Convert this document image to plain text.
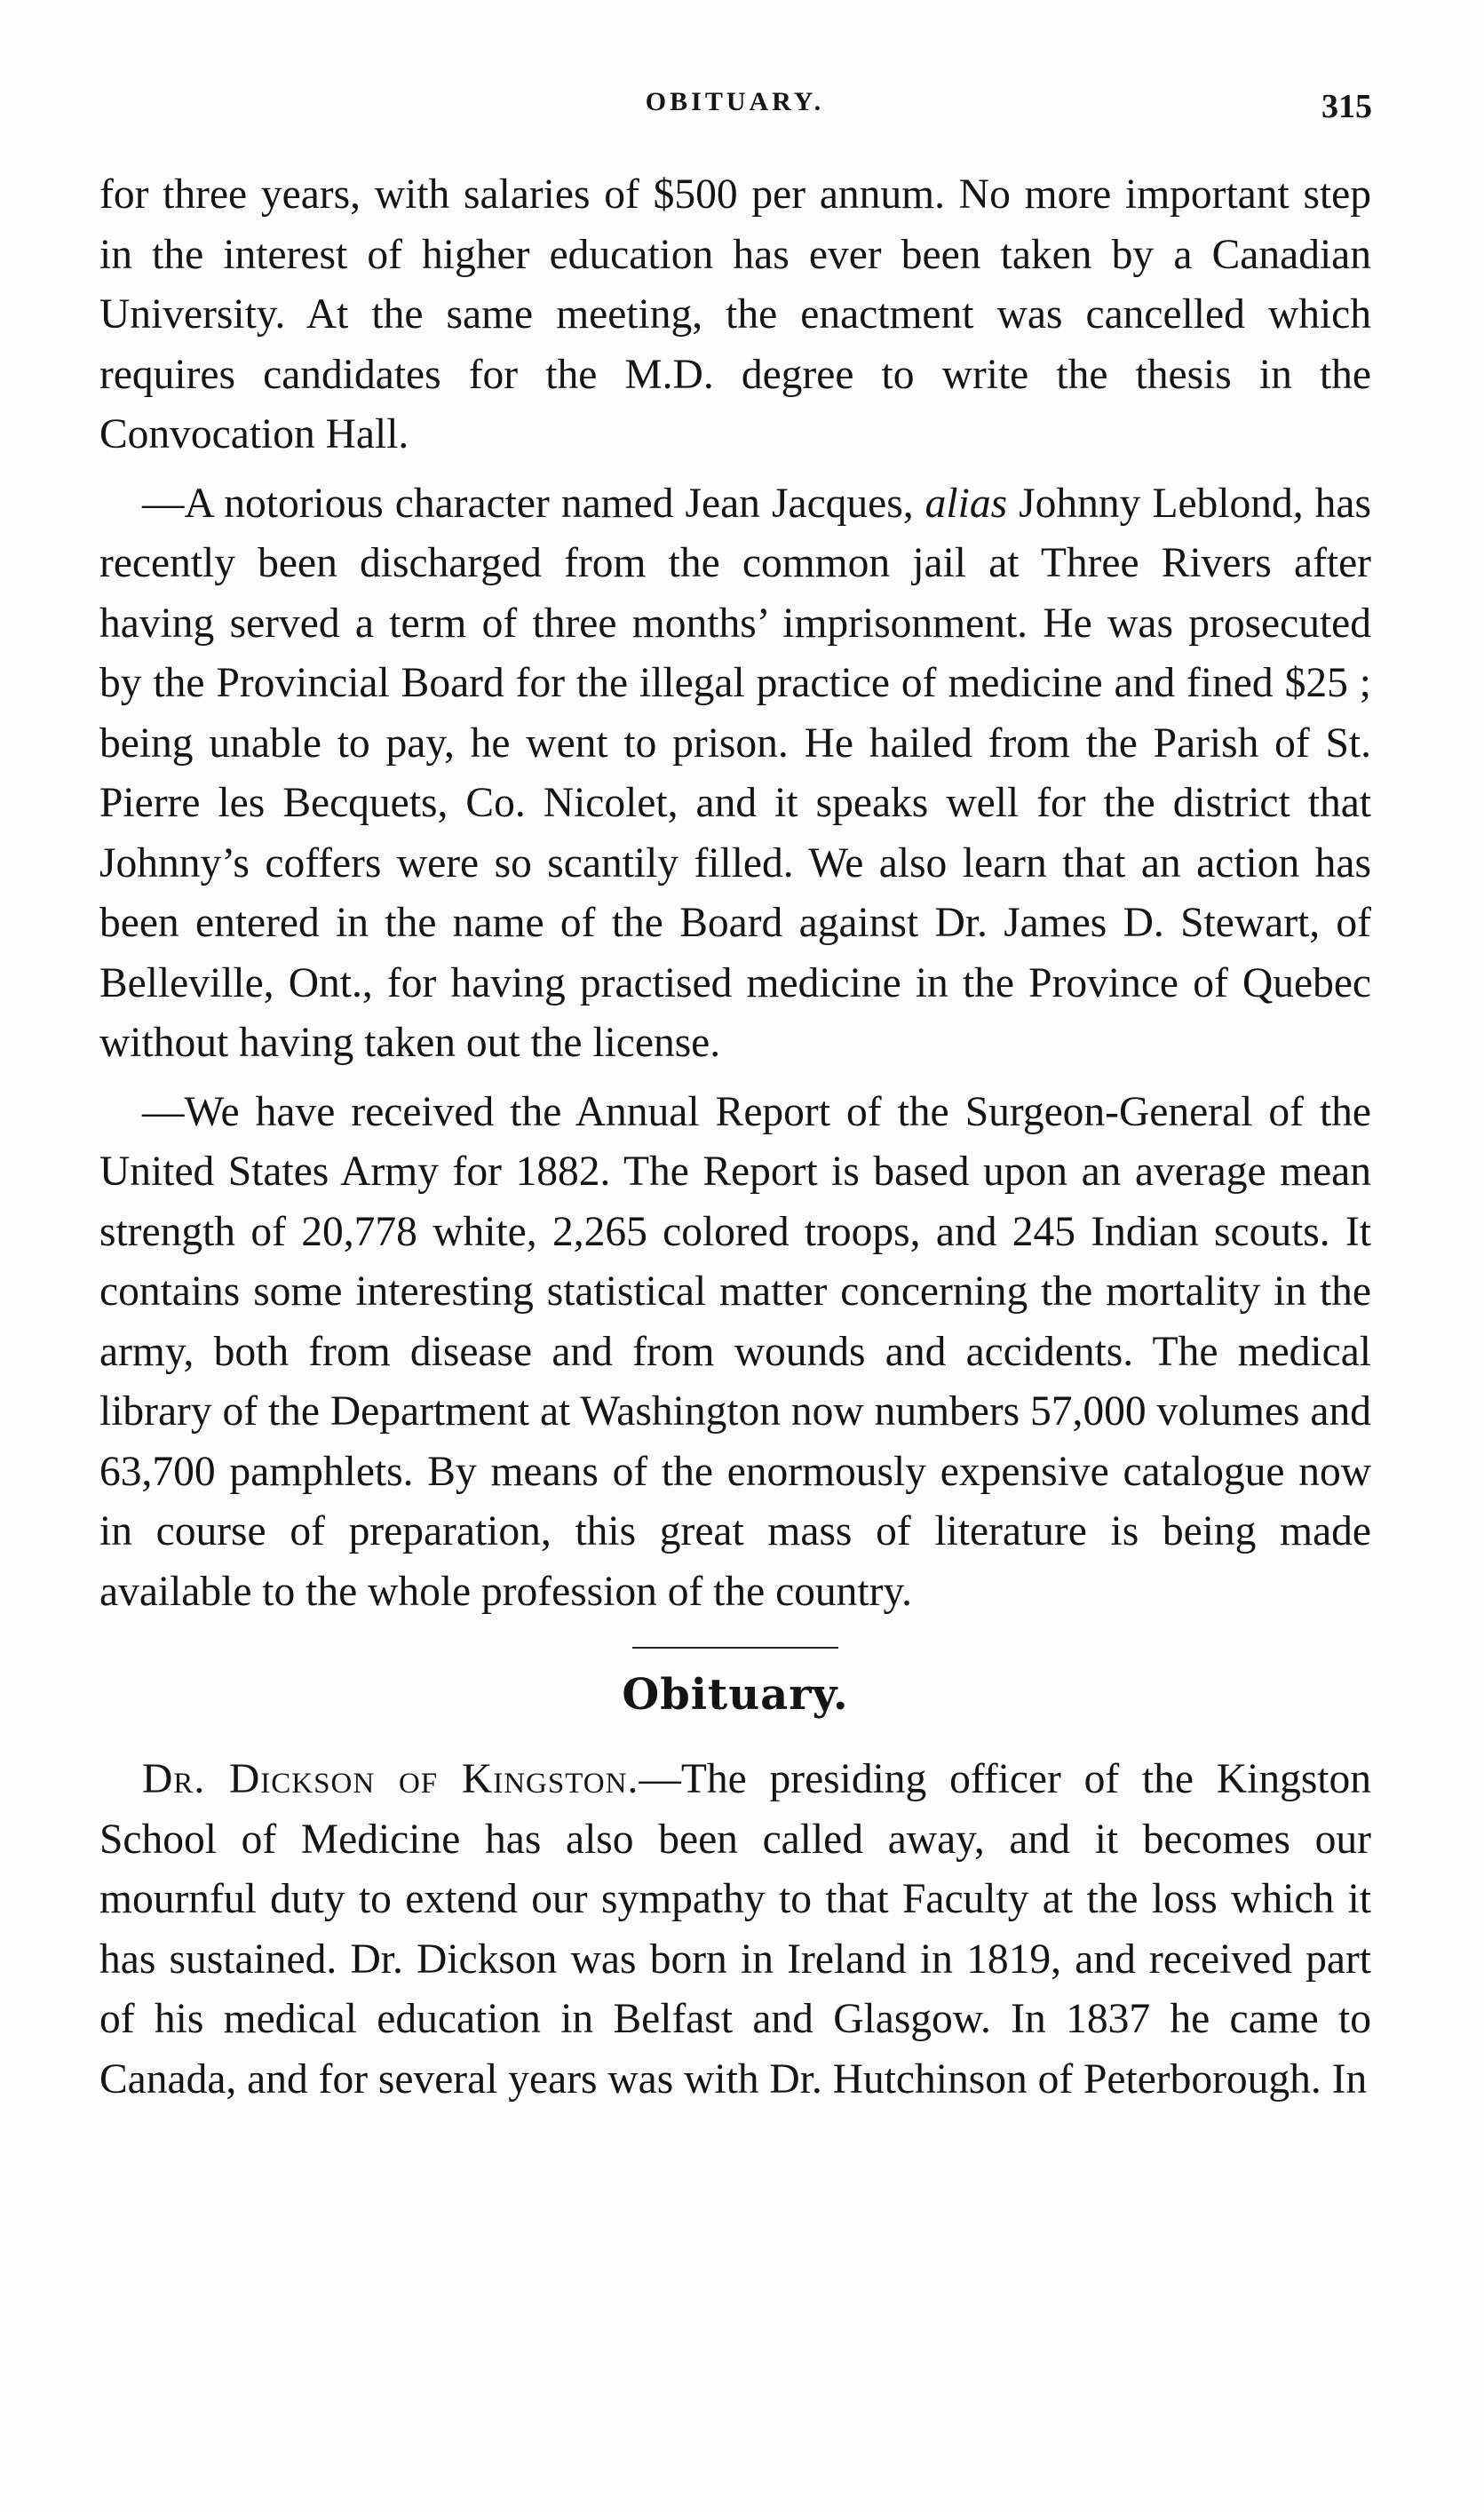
OBITUARY.	315

for three years, with salaries of $500 per annum. No more important step in the interest of higher education has ever been taken by a Canadian University. At the same meeting, the enactment was cancelled which requires candidates for the M.D. degree to write the thesis in the Convocation Hall.

—A notorious character named Jean Jacques, alias Johnny Leblond, has recently been discharged from the common jail at Three Rivers after having served a term of three months’ imprisonment. He was prosecuted by the Provincial Board for the illegal practice of medicine and fined $25 ; being unable to pay, he went to prison. He hailed from the Parish of St. Pierre les Becquets, Co. Nicolet, and it speaks well for the district that Johnny’s coffers were so scantily filled. We also learn that an action has been entered in the name of the Board against Dr. James D. Stewart, of Belleville, Ont., for having practised medicine in the Province of Quebec without having taken out the license.

—We have received the Annual Report of the Surgeon-General of the United States Army for 1882. The Report is based upon an average mean strength of 20,778 white, 2,265 colored troops, and 245 Indian scouts. It contains some interesting statistical matter concerning the mortality in the army, both from disease and from wounds and accidents. The medical library of the Department at Washington now numbers 57,000 volumes and 63,700 pamphlets. By means of the enormously expensive catalogue now in course of preparation, this great mass of literature is being made available to the whole profession of the country.

Obituary.

Dr. Dickson of Kingston.—The presiding officer of the Kingston School of Medicine has also been called away, and it becomes our mournful duty to extend our sympathy to that Faculty at the loss which it has sustained. Dr. Dickson was born in Ireland in 1819, and received part of his medical education in Belfast and Glasgow. In 1837 he came to Canada, and for several years was with Dr. Hutchinson of Peterborough. In
